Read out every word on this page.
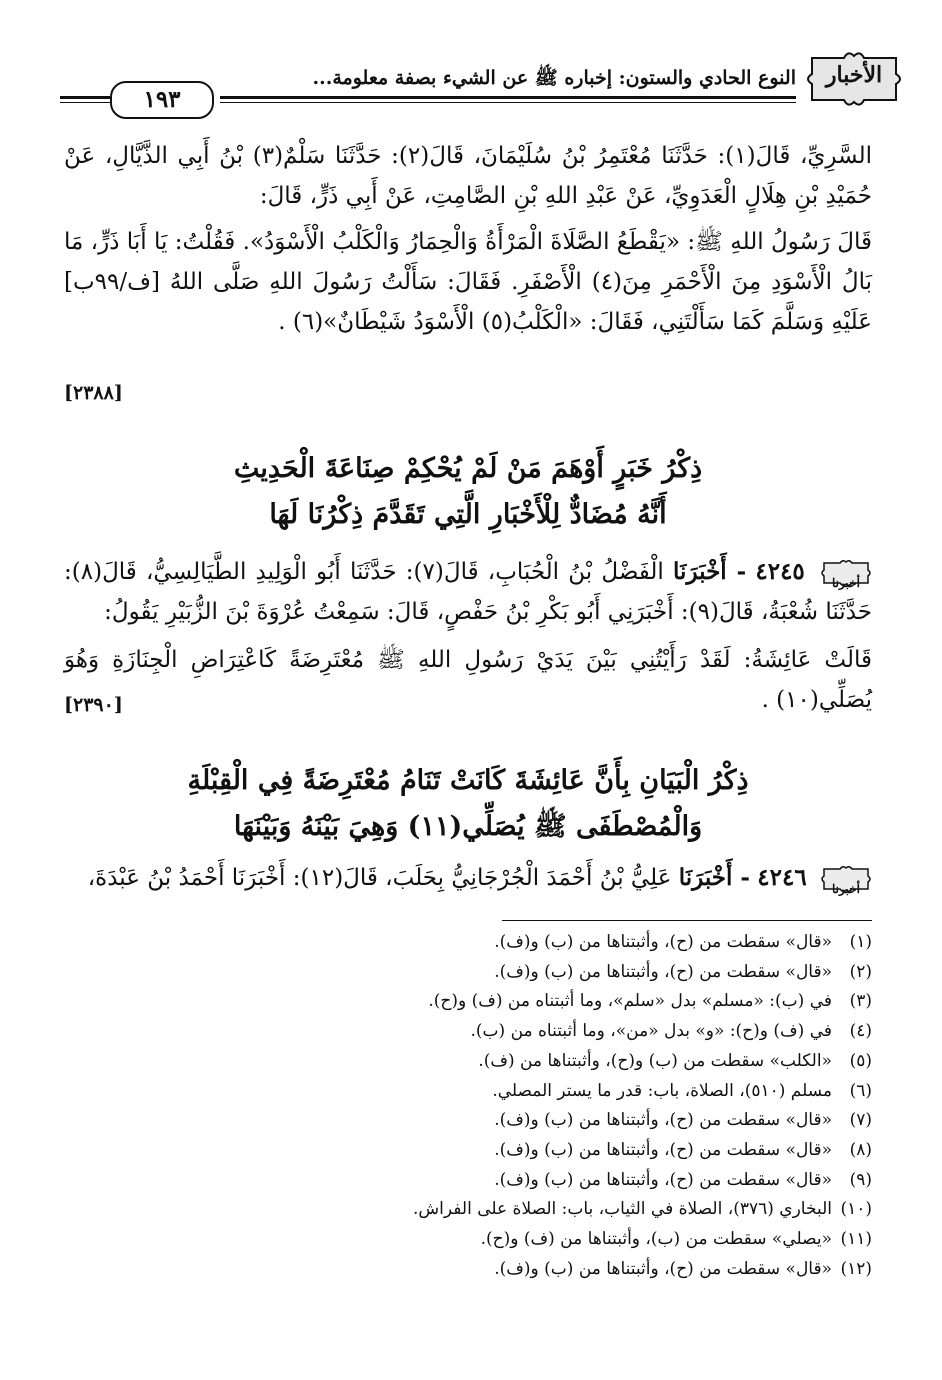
الأخبار
النوع الحادي والستون: إخباره ﷺ عن الشيء بصفة معلومة...
١٩٣
السَّرِيِّ، قَالَ(١): حَدَّثَنَا مُعْتَمِرُ بْنُ سُلَيْمَانَ، قَالَ(٢): حَدَّثَنَا سَلْمٌ(٣) بْنُ أَبِي الذَّيَّالِ، عَنْ حُمَيْدِ بْنِ هِلَالٍ الْعَدَوِيِّ، عَنْ عَبْدِ اللهِ بْنِ الصَّامِتِ، عَنْ أَبِي ذَرٍّ، قَالَ:
قَالَ رَسُولُ اللهِ ﷺ: «يَقْطَعُ الصَّلَاةَ الْمَرْأَةُ وَالْحِمَارُ وَالْكَلْبُ الْأَسْوَدُ». فَقُلْتُ: يَا أَبَا ذَرٍّ، مَا بَالُ الْأَسْوَدِ مِنَ الْأَحْمَرِ مِنَ(٤) الْأَصْفَرِ. فَقَالَ: سَأَلْتُ رَسُولَ اللهِ صَلَّى اللهُ [ف/٩٩ب] عَلَيْهِ وَسَلَّمَ كَمَا سَأَلْتَنِي، فَقَالَ: «الْكَلْبُ(٥) الْأَسْوَدُ شَيْطَانٌ»(٦) .
[٢٣٨٨]
ذِكْرُ خَبَرٍ أَوْهَمَ مَنْ لَمْ يُحْكِمْ صِنَاعَةَ الْحَدِيثِ
أَنَّهُ مُضَادٌّ لِلْأَخْبَارِ الَّتِي تَقَدَّمَ ذِكْرُنَا لَهَا
أخبرنا
٤٢٤٥ - أَخْبَرَنَا الْفَضْلُ بْنُ الْحُبَابِ، قَالَ(٧): حَدَّثَنَا أَبُو الْوَلِيدِ الطَّيَالِسِيُّ، قَالَ(٨): حَدَّثَنَا شُعْبَةُ، قَالَ(٩): أَخْبَرَنِي أَبُو بَكْرِ بْنُ حَفْصٍ، قَالَ: سَمِعْتُ عُرْوَةَ بْنَ الزُّبَيْرِ يَقُولُ:
قَالَتْ عَائِشَةُ: لَقَدْ رَأَيْتُنِي بَيْنَ يَدَيْ رَسُولِ اللهِ ﷺ مُعْتَرِضَةً كَاعْتِرَاضِ الْجِنَازَةِ وَهُوَ يُصَلِّي(١٠) .
[٢٣٩٠]
ذِكْرُ الْبَيَانِ بِأَنَّ عَائِشَةَ كَانَتْ تَنَامُ مُعْتَرِضَةً فِي الْقِبْلَةِ
وَالْمُصْطَفَى ﷺ يُصَلِّي(١١) وَهِيَ بَيْنَهُ وَبَيْنَهَا
أخبرنا
٤٢٤٦ - أَخْبَرَنَا عَلِيُّ بْنُ أَحْمَدَ الْجُرْجَانِيُّ بِحَلَبَ، قَالَ(١٢): أَخْبَرَنَا أَحْمَدُ بْنُ عَبْدَةَ،
(١)«قال» سقطت من (ح)، وأثبتناها من (ب) و(ف).
(٢)«قال» سقطت من (ح)، وأثبتناها من (ب) و(ف).
(٣)في (ب): «مسلم» بدل «سلم»، وما أثبتناه من (ف) و(ح).
(٤)في (ف) و(ح): «و» بدل «من»، وما أثبتناه من (ب).
(٥)«الكلب» سقطت من (ب) و(ح)، وأثبتناها من (ف).
(٦)مسلم (٥١٠)، الصلاة، باب: قدر ما يستر المصلي.
(٧)«قال» سقطت من (ح)، وأثبتناها من (ب) و(ف).
(٨)«قال» سقطت من (ح)، وأثبتناها من (ب) و(ف).
(٩)«قال» سقطت من (ح)، وأثبتناها من (ب) و(ف).
(١٠)البخاري (٣٧٦)، الصلاة في الثياب، باب: الصلاة على الفراش.
(١١)«يصلي» سقطت من (ب)، وأثبتناها من (ف) و(ح).
(١٢)«قال» سقطت من (ح)، وأثبتناها من (ب) و(ف).
